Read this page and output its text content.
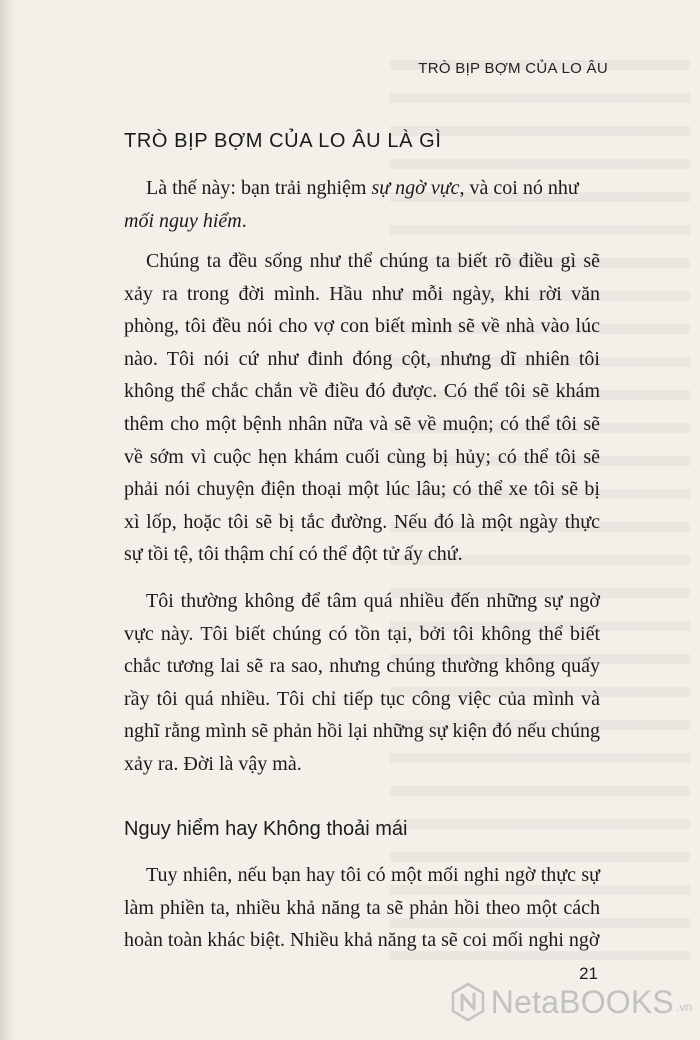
TRÒ BỊP BỢM CỦA LO ÂU
TRÒ BỊP BỢM CỦA LO ÂU LÀ GÌ

Là thế này: bạn trải nghiệm sự ngờ vực, và coi nó như
mối nguy hiểm.

Chúng ta đều sống như thể chúng ta biết rõ điều gì sẽ xảy ra trong đời mình. Hầu như mỗi ngày, khi rời văn phòng, tôi đều nói cho vợ con biết mình sẽ về nhà vào lúc nào. Tôi nói cứ như đinh đóng cột, nhưng dĩ nhiên tôi không thể chắc chắn về điều đó được. Có thể tôi sẽ khám thêm cho một bệnh nhân nữa và sẽ về muộn; có thể tôi sẽ về sớm vì cuộc hẹn khám cuối cùng bị hủy; có thể tôi sẽ phải nói chuyện điện thoại một lúc lâu; có thể xe tôi sẽ bị xì lốp, hoặc tôi sẽ bị tắc đường. Nếu đó là một ngày thực sự tồi tệ, tôi thậm chí có thể đột tử ấy chứ.

Tôi thường không để tâm quá nhiều đến những sự ngờ vực này. Tôi biết chúng có tồn tại, bởi tôi không thể biết chắc tương lai sẽ ra sao, nhưng chúng thường không quấy rầy tôi quá nhiều. Tôi chỉ tiếp tục công việc của mình và nghĩ rằng mình sẽ phản hồi lại những sự kiện đó nếu chúng xảy ra. Đời là vậy mà.

Nguy hiểm hay Không thoải mái

Tuy nhiên, nếu bạn hay tôi có một mối nghi ngờ thực sự làm phiền ta, nhiều khả năng ta sẽ phản hồi theo một cách hoàn toàn khác biệt. Nhiều khả năng ta sẽ coi mối nghi ngờ

21
NetaBOOKS .vn
